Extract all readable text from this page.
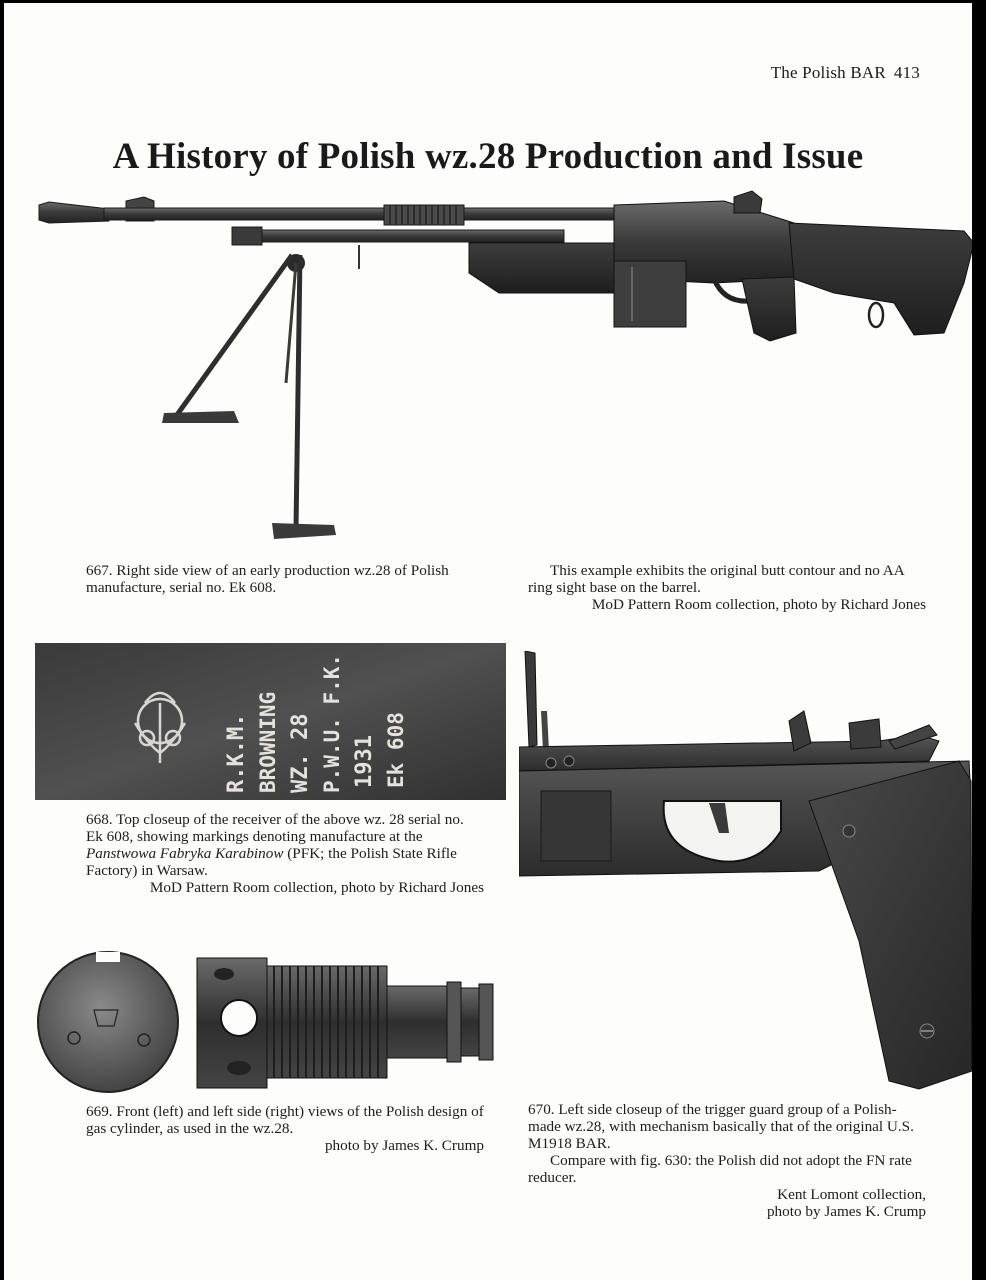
The Polish BAR 413
A History of Polish wz.28 Production and Issue

667. Right side view of an early production wz.28 of Polish manufacture, serial no. Ek 608.

This example exhibits the original butt contour and no AA ring sight base on the barrel.

MoD Pattern Room collection, photo by Richard Jones

R.K.M. BROWNING WZ. 28 P.W.U. F.K. 1931 Ek 608

668. Top closeup of the receiver of the above wz. 28 serial no. Ek 608, showing markings denoting manufacture at the Panstwowa Fabryka Karabinow (PFK; the Polish State Rifle Factory) in Warsaw.

MoD Pattern Room collection, photo by Richard Jones

669. Front (left) and left side (right) views of the Polish design of gas cylinder, as used in the wz.28.

photo by James K. Crump

670. Left side closeup of the trigger guard group of a Polish-made wz.28, with mechanism basically that of the original U.S. M1918 BAR.

Compare with fig. 630: the Polish did not adopt the FN rate reducer.

Kent Lomont collection,

photo by James K. Crump
